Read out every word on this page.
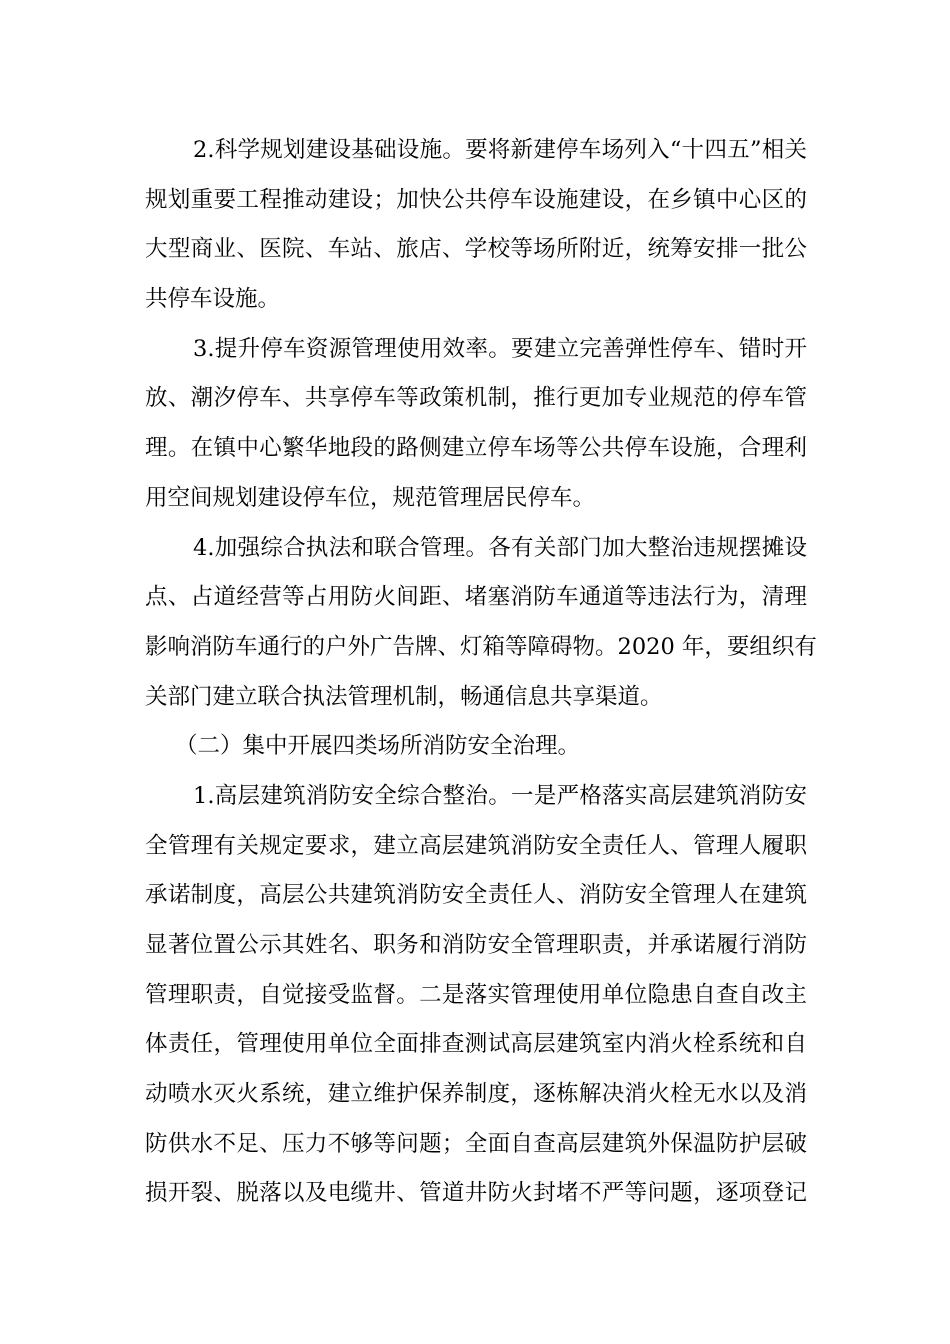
2.科学规划建设基础设施。要将新建停车场列入“十四五”相关
规划重要工程推动建设；加快公共停车设施建设，在乡镇中心区的
大型商业、医院、车站、旅店、学校等场所附近，统筹安排一批公
共停车设施。
3.提升停车资源管理使用效率。要建立完善弹性停车、错时开
放、潮汐停车、共享停车等政策机制，推行更加专业规范的停车管
理。在镇中心繁华地段的路侧建立停车场等公共停车设施，合理利
用空间规划建设停车位，规范管理居民停车。
4.加强综合执法和联合管理。各有关部门加大整治违规摆摊设
点、占道经营等占用防火间距、堵塞消防车通道等违法行为，清理
影响消防车通行的户外广告牌、灯箱等障碍物。2020 年，要组织有
关部门建立联合执法管理机制，畅通信息共享渠道。
（二）集中开展四类场所消防安全治理。
1.高层建筑消防安全综合整治。一是严格落实高层建筑消防安
全管理有关规定要求，建立高层建筑消防安全责任人、管理人履职
承诺制度，高层公共建筑消防安全责任人、消防安全管理人在建筑
显著位置公示其姓名、职务和消防安全管理职责，并承诺履行消防
管理职责，自觉接受监督。二是落实管理使用单位隐患自查自改主
体责任，管理使用单位全面排查测试高层建筑室内消火栓系统和自
动喷水灭火系统，建立维护保养制度，逐栋解决消火栓无水以及消
防供水不足、压力不够等问题；全面自查高层建筑外保温防护层破
损开裂、脱落以及电缆井、管道井防火封堵不严等问题，逐项登记
